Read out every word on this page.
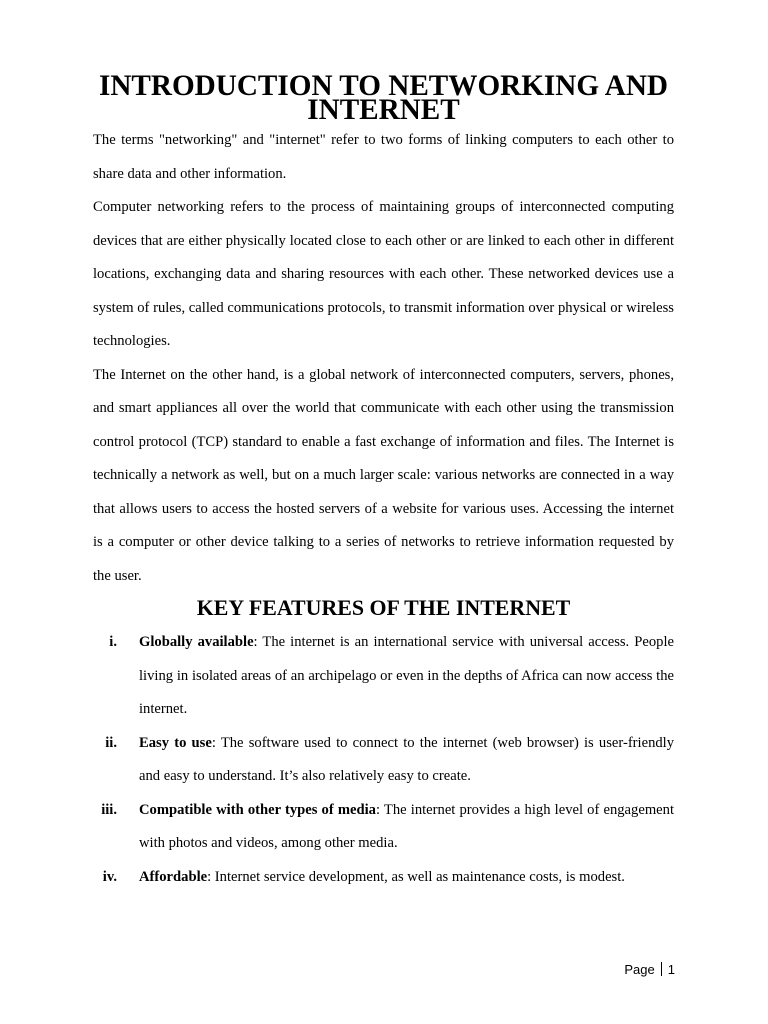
INTRODUCTION TO NETWORKING AND INTERNET

The terms "networking" and "internet" refer to two forms of linking computers to each other to share data and other information.

Computer networking refers to the process of maintaining groups of interconnected computing devices that are either physically located close to each other or are linked to each other in different locations, exchanging data and sharing resources with each other. These networked devices use a system of rules, called communications protocols, to transmit information over physical or wireless technologies.

The Internet on the other hand, is a global network of interconnected computers, servers, phones, and smart appliances all over the world that communicate with each other using the transmission control protocol (TCP) standard to enable a fast exchange of information and files. The Internet is technically a network as well, but on a much larger scale: various networks are connected in a way that allows users to access the hosted servers of a website for various uses. Accessing the internet is a computer or other device talking to a series of networks to retrieve information requested by the user.

KEY FEATURES OF THE INTERNET
i. Globally available: The internet is an international service with universal access. People living in isolated areas of an archipelago or even in the depths of Africa can now access the internet.
ii. Easy to use: The software used to connect to the internet (web browser) is user-friendly and easy to understand. It’s also relatively easy to create.
iii. Compatible with other types of media: The internet provides a high level of engagement with photos and videos, among other media.
iv. Affordable: Internet service development, as well as maintenance costs, is modest.
Page 1
